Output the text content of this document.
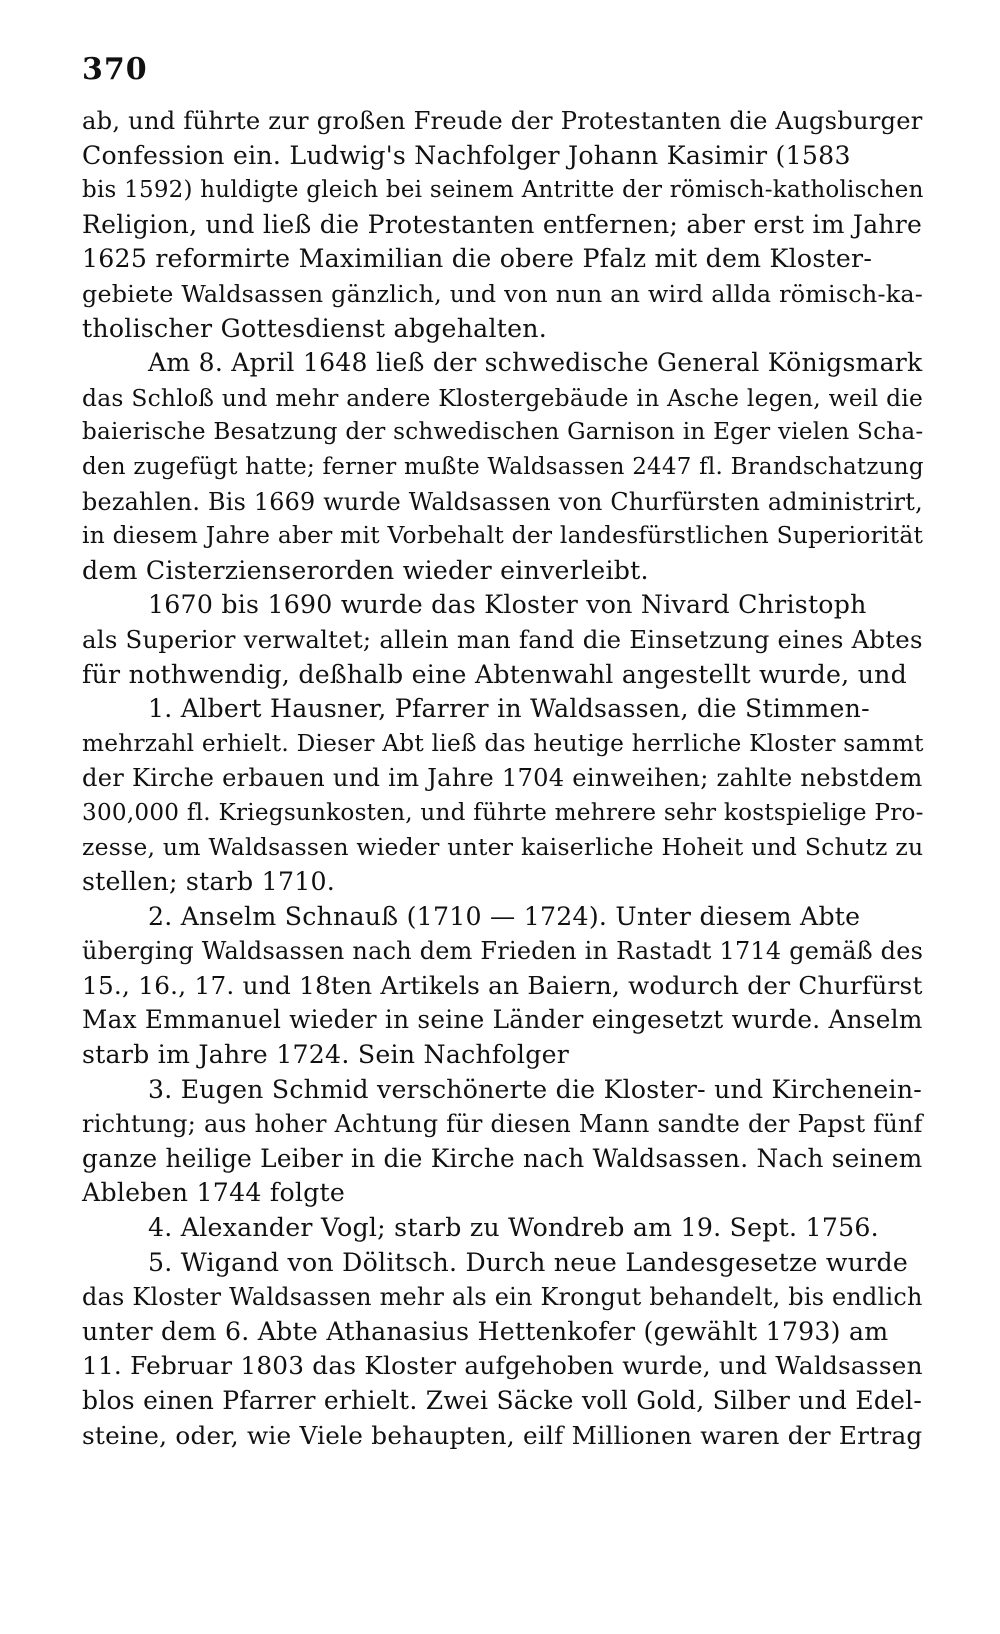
370
ab, und führte zur großen Freude der Protestanten die Augsburger
Confession ein. Ludwig's Nachfolger Johann Kasimir (1583
bis 1592) huldigte gleich bei seinem Antritte der römisch-katholischen
Religion, und ließ die Protestanten entfernen; aber erst im Jahre
1625 reformirte Maximilian die obere Pfalz mit dem Kloster-
gebiete Waldsassen gänzlich, und von nun an wird allda römisch-ka-
tholischer Gottesdienst abgehalten.
Am 8. April 1648 ließ der schwedische General Königsmark
das Schloß und mehr andere Klostergebäude in Asche legen, weil die
baierische Besatzung der schwedischen Garnison in Eger vielen Scha-
den zugefügt hatte; ferner mußte Waldsassen 2447 fl. Brandschatzung
bezahlen. Bis 1669 wurde Waldsassen von Churfürsten administrirt,
in diesem Jahre aber mit Vorbehalt der landesfürstlichen Superiorität
dem Cisterzienserorden wieder einverleibt.
1670 bis 1690 wurde das Kloster von Nivard Christoph
als Superior verwaltet; allein man fand die Einsetzung eines Abtes
für nothwendig, deßhalb eine Abtenwahl angestellt wurde, und
1. Albert Hausner, Pfarrer in Waldsassen, die Stimmen-
mehrzahl erhielt. Dieser Abt ließ das heutige herrliche Kloster sammt
der Kirche erbauen und im Jahre 1704 einweihen; zahlte nebstdem
300,000 fl. Kriegsunkosten, und führte mehrere sehr kostspielige Pro-
zesse, um Waldsassen wieder unter kaiserliche Hoheit und Schutz zu
stellen; starb 1710.
2. Anselm Schnauß (1710 — 1724). Unter diesem Abte
überging Waldsassen nach dem Frieden in Rastadt 1714 gemäß des
15., 16., 17. und 18ten Artikels an Baiern, wodurch der Churfürst
Max Emmanuel wieder in seine Länder eingesetzt wurde. Anselm
starb im Jahre 1724. Sein Nachfolger
3. Eugen Schmid verschönerte die Kloster- und Kirchenein-
richtung; aus hoher Achtung für diesen Mann sandte der Papst fünf
ganze heilige Leiber in die Kirche nach Waldsassen. Nach seinem
Ableben 1744 folgte
4. Alexander Vogl; starb zu Wondreb am 19. Sept. 1756.
5. Wigand von Dölitsch. Durch neue Landesgesetze wurde
das Kloster Waldsassen mehr als ein Krongut behandelt, bis endlich
unter dem 6. Abte Athanasius Hettenkofer (gewählt 1793) am
11. Februar 1803 das Kloster aufgehoben wurde, und Waldsassen
blos einen Pfarrer erhielt. Zwei Säcke voll Gold, Silber und Edel-
steine, oder, wie Viele behaupten, eilf Millionen waren der Ertrag
